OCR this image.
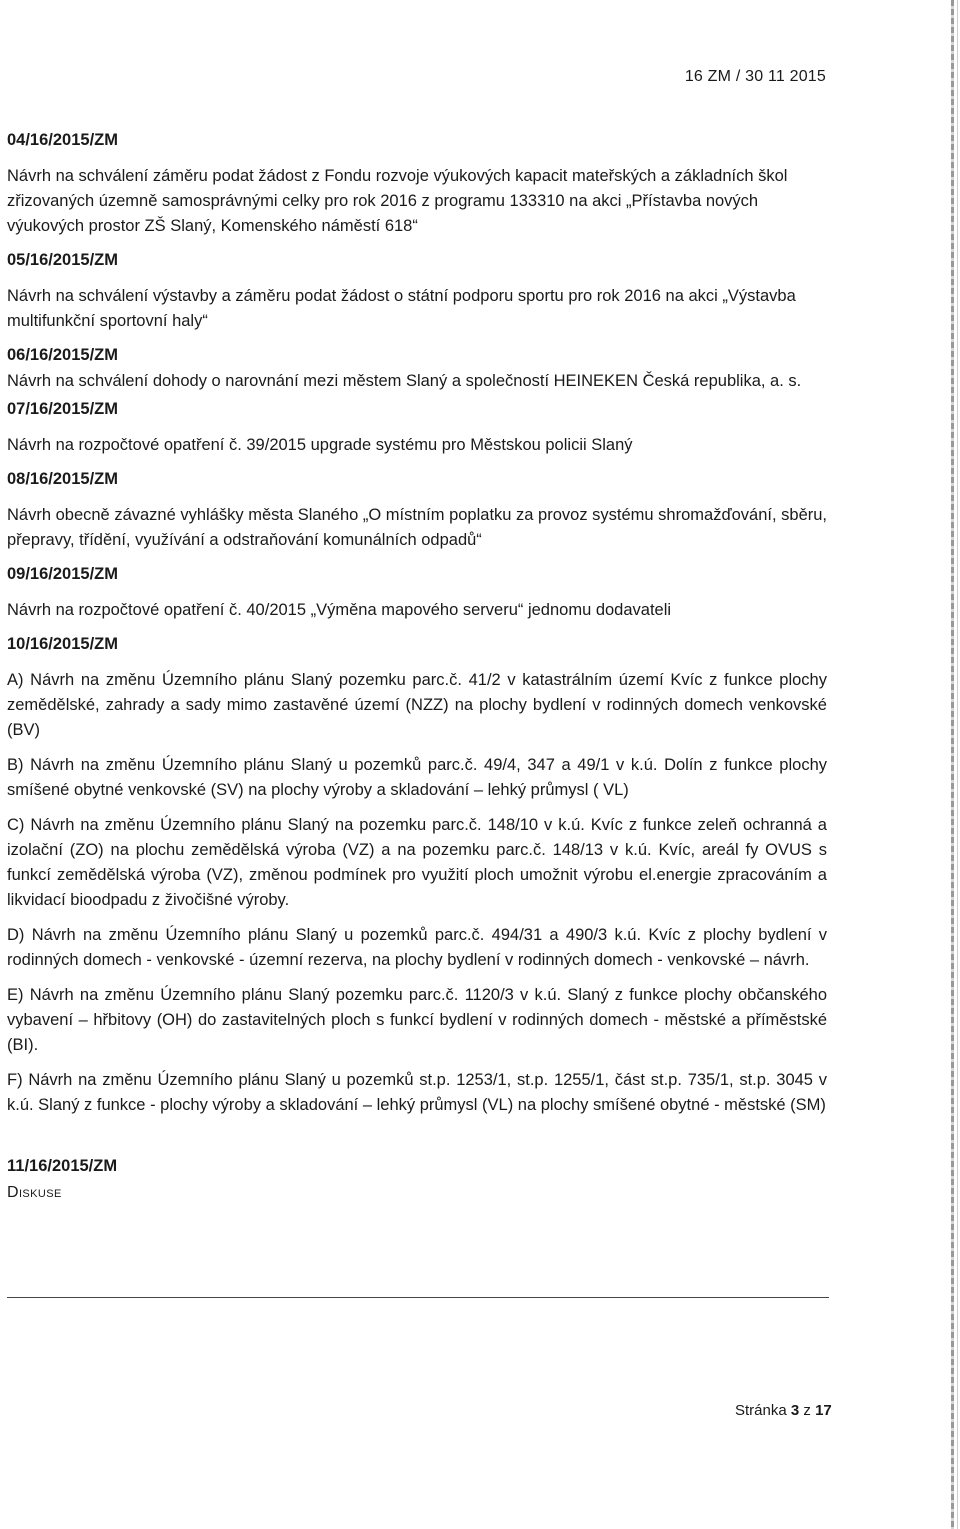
16 ZM / 30 11 2015
04/16/2015/ZM

Návrh na schválení záměru podat žádost z Fondu rozvoje výukových kapacit mateřských a základních škol zřizovaných územně samosprávnými celky pro rok 2016 z programu 133310 na akci „Přístavba nových výukových prostor ZŠ Slaný, Komenského náměstí 618“

05/16/2015/ZM

Návrh na schválení výstavby a záměru podat žádost o státní podporu sportu pro rok 2016 na akci „Výstavba multifunkční sportovní haly“

06/16/2015/ZM

Návrh na schválení dohody o narovnání mezi městem Slaný a společností HEINEKEN Česká republika, a. s.

07/16/2015/ZM

Návrh na rozpočtové opatření č. 39/2015 upgrade systému pro Městskou policii Slaný

08/16/2015/ZM

Návrh obecně závazné vyhlášky města Slaného „O místním poplatku za provoz systému shromažďování, sběru, přepravy, třídění, využívání a odstraňování komunálních odpadů“

09/16/2015/ZM

Návrh na rozpočtové opatření č. 40/2015 „Výměna mapového serveru“ jednomu dodavateli

10/16/2015/ZM

A) Návrh na změnu Územního plánu Slaný pozemku parc.č. 41/2 v katastrálním území Kvíc z funkce plochy zemědělské, zahrady a sady mimo zastavěné území (NZZ) na plochy bydlení v rodinných domech venkovské (BV)

B) Návrh na změnu Územního plánu Slaný u pozemků parc.č. 49/4, 347 a 49/1 v k.ú. Dolín z funkce plochy smíšené obytné venkovské (SV) na plochy výroby a skladování – lehký průmysl ( VL)

C) Návrh na změnu Územního plánu Slaný na pozemku parc.č. 148/10 v k.ú. Kvíc z funkce zeleň ochranná a izolační (ZO) na plochu zemědělská výroba (VZ) a na pozemku parc.č. 148/13 v k.ú. Kvíc, areál fy OVUS s funkcí zemědělská výroba (VZ), změnou podmínek pro využití ploch umožnit výrobu el.energie zpracováním a likvidací bioodpadu z živočišné výroby.

D) Návrh na změnu Územního plánu Slaný u pozemků parc.č. 494/31 a 490/3 k.ú. Kvíc z plochy bydlení v rodinných domech - venkovské - územní rezerva, na plochy bydlení v rodinných domech - venkovské – návrh.

E) Návrh na změnu Územního plánu Slaný pozemku parc.č. 1120/3 v k.ú. Slaný z funkce plochy občanského vybavení – hřbitovy (OH) do zastavitelných ploch s funkcí bydlení v rodinných domech - městské a příměstské (BI).

F) Návrh na změnu Územního plánu Slaný u pozemků st.p. 1253/1, st.p. 1255/1, část st.p. 735/1, st.p. 3045 v k.ú. Slaný z funkce - plochy výroby a skladování – lehký průmysl (VL) na plochy smíšené obytné - městské (SM)

11/16/2015/ZM

Diskuse

Stránka 3 z 17
